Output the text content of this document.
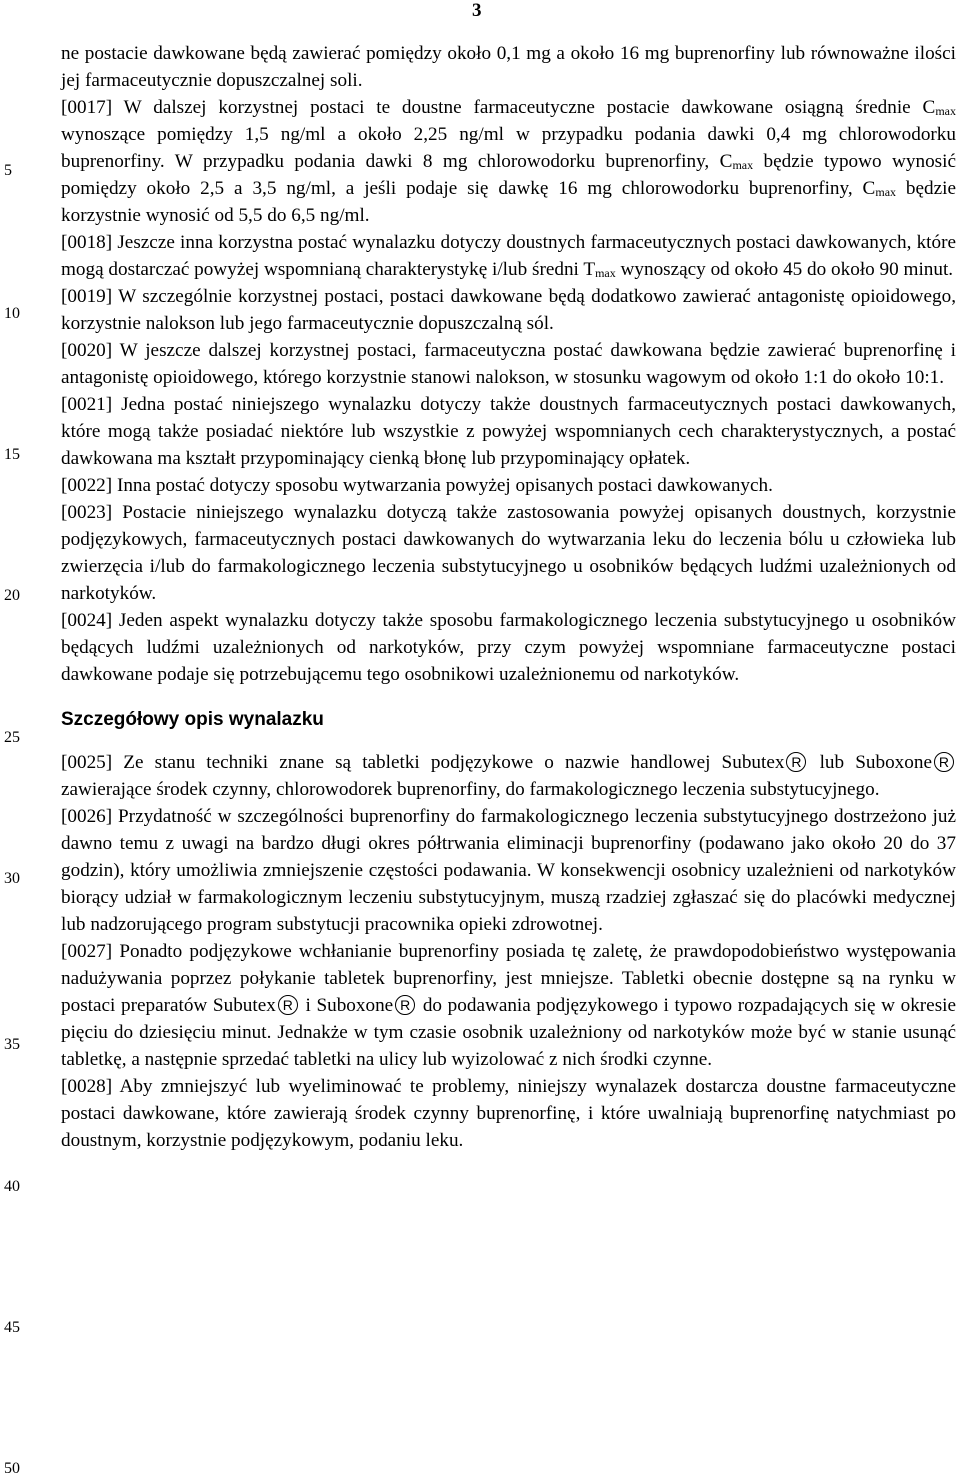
3
5
10
15
20
25
30
35
40
45
50

ne postacie dawkowane będą zawierać pomiędzy około 0,1 mg a około 16 mg buprenorfiny lub równoważne ilości jej farmaceutycznie dopuszczalnej soli.

[0017] W dalszej korzystnej postaci te doustne farmaceutyczne postacie dawkowane osiągną średnie $C_{max}$ wynoszące pomiędzy 1,5 ng/ml a około 2,25 ng/ml w przypadku podania dawki 0,4 mg chlorowodorku buprenorfiny. W przypadku podania dawki 8 mg chlorowodorku buprenorfiny, $C_{max}$ będzie typowo wynosić pomiędzy około 2,5 a 3,5 ng/ml, a jeśli podaje się dawkę 16 mg chlorowodorku buprenorfiny, $C_{max}$ będzie korzystnie wynosić od 5,5 do 6,5 ng/ml.

[0018] Jeszcze inna korzystna postać wynalazku dotyczy doustnych farmaceutycznych postaci dawkowanych, które mogą dostarczać powyżej wspomnianą charakterystykę i/lub średni $T_{max}$ wynoszący od około 45 do około 90 minut.

[0019] W szczególnie korzystnej postaci, postaci dawkowane będą dodatkowo zawierać antagonistę opioidowego, korzystnie nalokson lub jego farmaceutycznie dopuszczalną sól.

[0020] W jeszcze dalszej korzystnej postaci, farmaceutyczna postać dawkowana będzie zawierać buprenorfinę i antagonistę opioidowego, którego korzystnie stanowi nalokson, w stosunku wagowym od około 1:1 do około 10:1.

[0021] Jedna postać niniejszego wynalazku dotyczy także doustnych farmaceutycznych postaci dawkowanych, które mogą także posiadać niektóre lub wszystkie z powyżej wspomnianych cech charakterystycznych, a postać dawkowana ma kształt przypominający cienką błonę lub przypominający opłatek.

[0022] Inna postać dotyczy sposobu wytwarzania powyżej opisanych postaci dawkowanych.

[0023] Postacie niniejszego wynalazku dotyczą także zastosowania powyżej opisanych doustnych, korzystnie podjęzykowych, farmaceutycznych postaci dawkowanych do wytwarzania leku do leczenia bólu u człowieka lub zwierzęcia i/lub do farmakologicznego leczenia substytucyjnego u osobników będących ludźmi uzależnionych od narkotyków.

[0024] Jeden aspekt wynalazku dotyczy także sposobu farmakologicznego leczenia substytucyjnego u osobników będących ludźmi uzależnionych od narkotyków, przy czym powyżej wspomniane farmaceutyczne postaci dawkowane podaje się potrzebującemu tego osobnikowi uzależnionemu od narkotyków.

Szczegółowy opis wynalazku

[0025] Ze stanu techniki znane są tabletki podjęzykowe o nazwie handlowej Subutex R lub Suboxone R zawierające środek czynny, chlorowodorek buprenorfiny, do farmakologicznego leczenia substytucyjnego.

[0026] Przydatność w szczególności buprenorfiny do farmakologicznego leczenia substytucyjnego dostrzeżono już dawno temu z uwagi na bardzo długi okres półtrwania eliminacji buprenorfiny (podawano jako około 20 do 37 godzin), który umożliwia zmniejszenie częstości podawania. W konsekwencji osobnicy uzależnieni od narkotyków biorący udział w farmakologicznym leczeniu substytucyjnym, muszą rzadziej zgłaszać się do placówki medycznej lub nadzorującego program substytucji pracownika opieki zdrowotnej.

[0027] Ponadto podjęzykowe wchłanianie buprenorfiny posiada tę zaletę, że prawdopodobieństwo występowania nadużywania poprzez połykanie tabletek buprenorfiny, jest mniejsze. Tabletki obecnie dostępne są na rynku w postaci preparatów Subutex R i Suboxone R do podawania podjęzykowego i typowo rozpadających się w okresie pięciu do dziesięciu minut. Jednakże w tym czasie osobnik uzależniony od narkotyków może być w stanie usunąć tabletkę, a następnie sprzedać tabletki na ulicy lub wyizolować z nich środki czynne.

[0028] Aby zmniejszyć lub wyeliminować te problemy, niniejszy wynalazek dostarcza doustne farmaceutyczne postaci dawkowane, które zawierają środek czynny buprenorfinę, i które uwalniają buprenorfinę natychmiast po doustnym, korzystnie podjęzykowym, podaniu leku.
